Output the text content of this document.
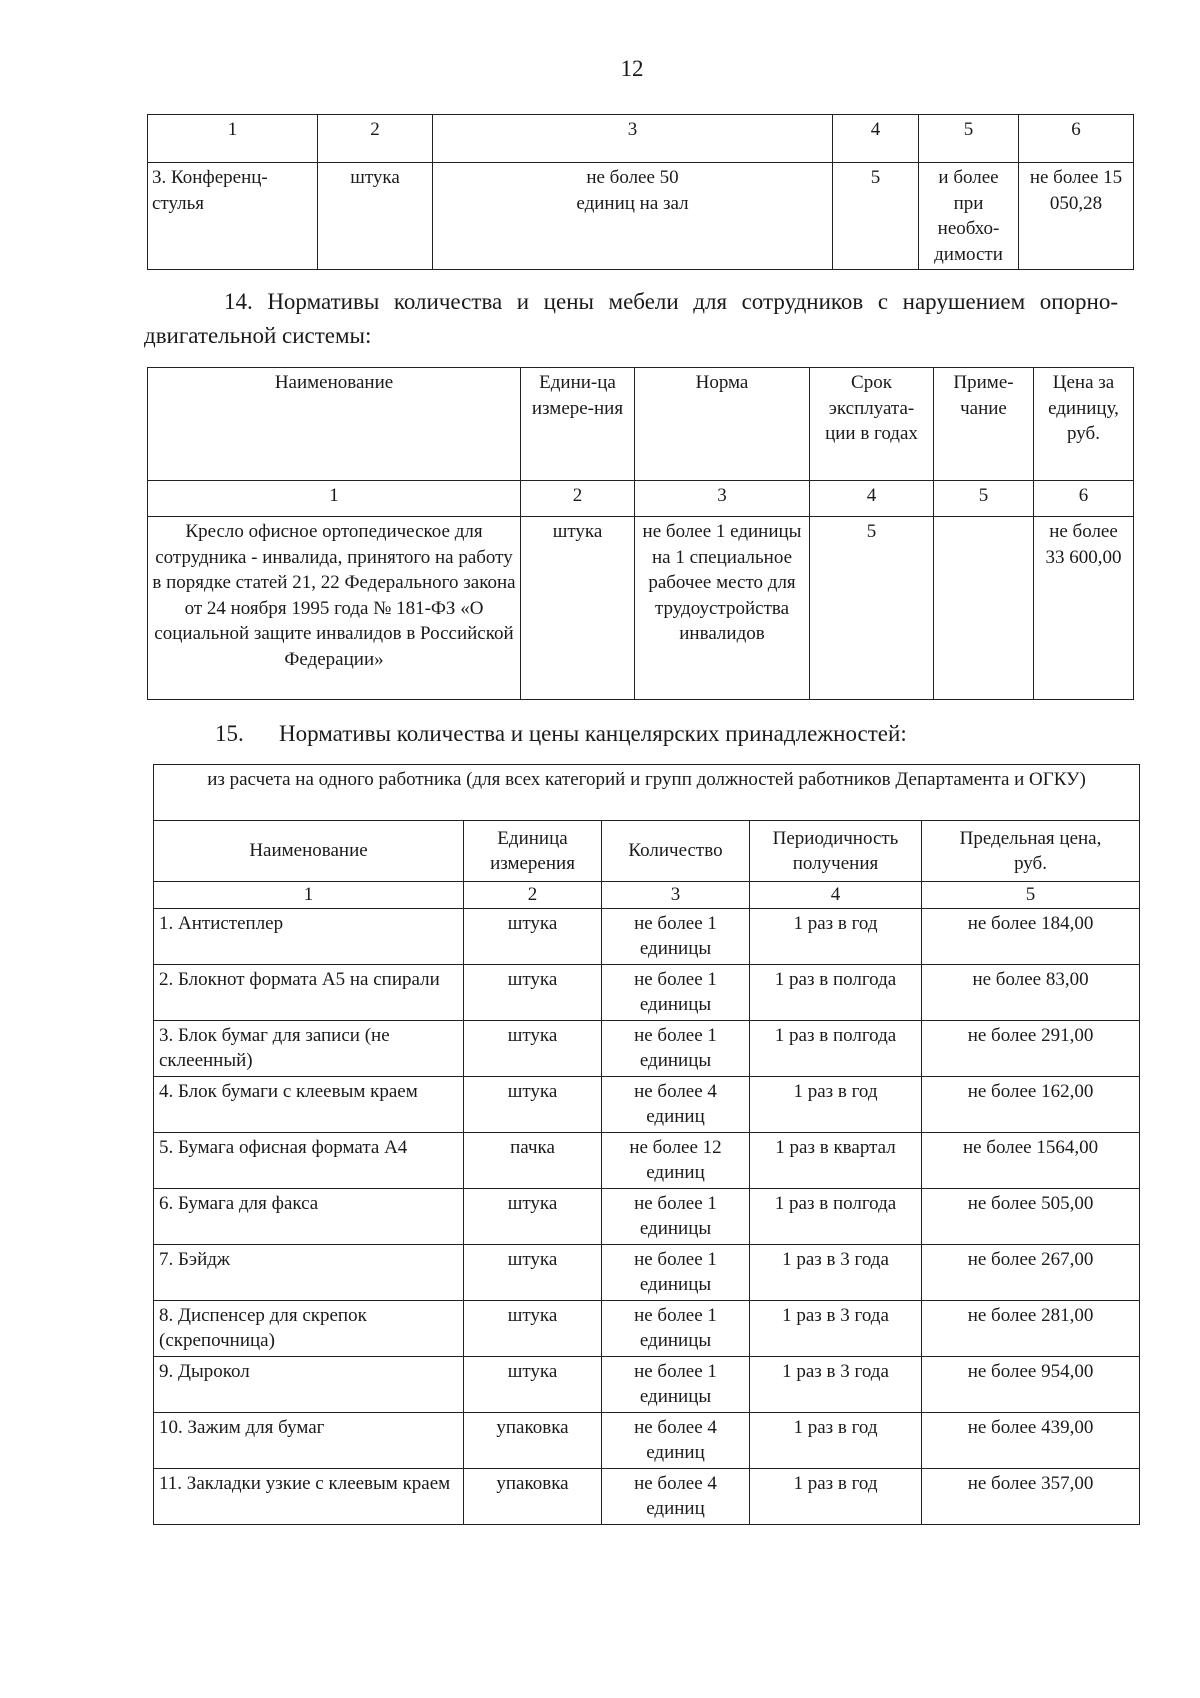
12
1	2	3	4	5	6
3. Конференц-стулья	штука	не более 50 единиц на зал	5	и более при необхо-димости	не более 15 050,28
14. Нормативы количества и цены мебели для сотрудников с нарушением опорно-двигательной системы:
Наименование	Едини-ца измере-ния	Норма	Срок эксплуата-ции в годах	Приме-чание	Цена за единицу, руб.
1	2	3	4	5	6
Кресло офисное ортопедическое для сотрудника - инвалида, принятого на работу в порядке статей 21, 22 Федерального закона от 24 ноября 1995 года № 181-ФЗ «О социальной защите инвалидов в Российской Федерации»	штука	не более 1 единицы на 1 специальное рабочее место для трудоустройства инвалидов	5		не более 33 600,00
15. Нормативы количества и цены канцелярских принадлежностей:
из расчета на одного работника (для всех категорий и групп должностей работников Департамента и ОГКУ)				
Наименование	Единица измерения	Количество	Периодичность получения	Предельная цена, руб.
1	2	3	4	5
1. Антистеплер	штука	не более 1 единицы	1 раз в год	не более 184,00
2. Блокнот формата А5 на спирали	штука	не более 1 единицы	1 раз в полгода	не более 83,00
3. Блок бумаг для записи (не склеенный)	штука	не более 1 единицы	1 раз в полгода	не более 291,00
4. Блок бумаги с клеевым краем	штука	не более 4 единиц	1 раз в год	не более 162,00
5. Бумага офисная формата А4	пачка	не более 12 единиц	1 раз в квартал	не более 1564,00
6. Бумага для факса	штука	не более 1 единицы	1 раз в полгода	не более 505,00
7. Бэйдж	штука	не более 1 единицы	1 раз в 3 года	не более 267,00
8. Диспенсер для скрепок (скрепочница)	штука	не более 1 единицы	1 раз в 3 года	не более 281,00
9. Дырокол	штука	не более 1 единицы	1 раз в 3 года	не более 954,00
10. Зажим для бумаг	упаковка	не более 4 единиц	1 раз в год	не более 439,00
11. Закладки узкие с клеевым краем	упаковка	не более 4 единиц	1 раз в год	не более 357,00
